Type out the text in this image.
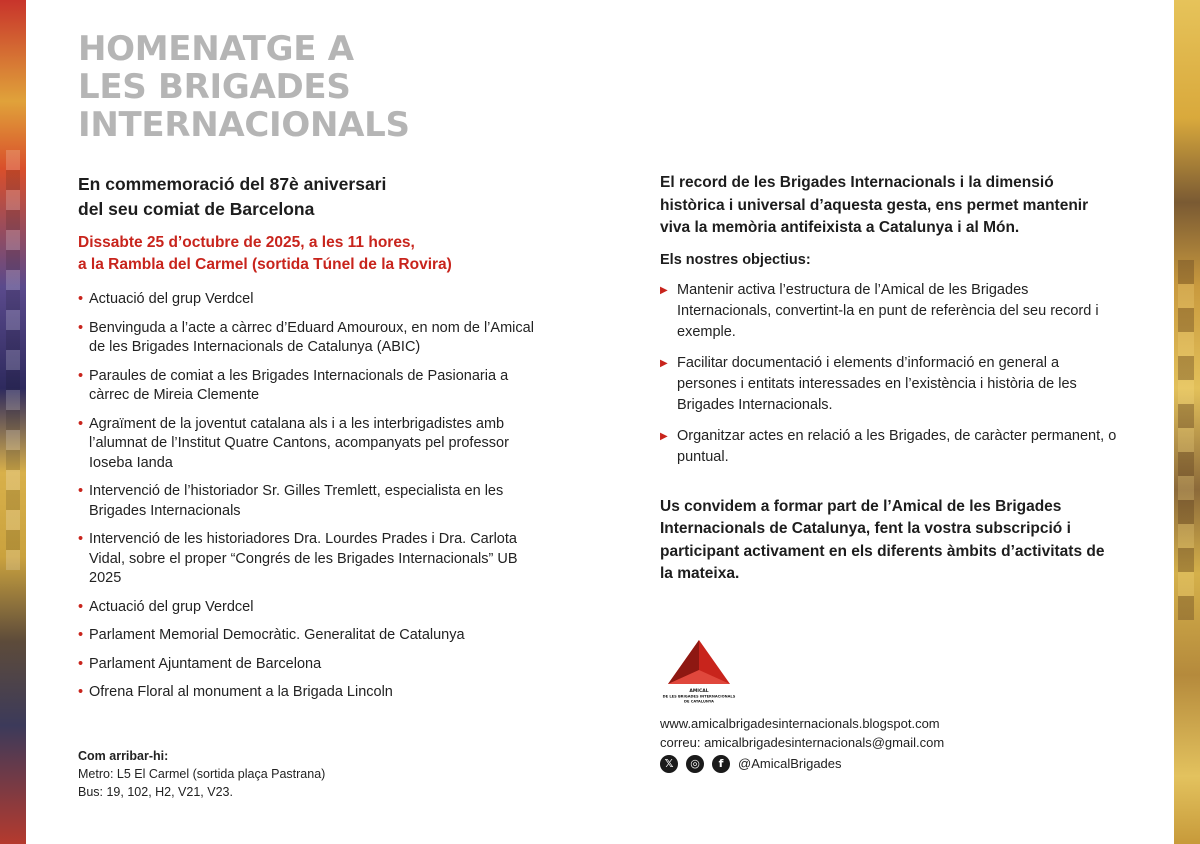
HOMENATGE A
LES BRIGADES
INTERNACIONALS
En commemoració del 87è aniversari
del seu comiat de Barcelona
Dissabte 25 d’octubre de 2025, a les 11 hores,
a la Rambla del Carmel (sortida Túnel de la Rovira)
• Actuació del grup Verdcel
• Benvinguda a l’acte a càrrec d’Eduard Amouroux, en nom de l’Amical de les Brigades Internacionals de Catalunya (ABIC)
• Paraules de comiat a les Brigades Internacionals de Pasionaria a càrrec de Mireia Clemente
• Agraïment de la joventut catalana als i a les interbrigadistes amb l’alumnat de l’Institut Quatre Cantons, acompanyats pel professor Ioseba Ianda
• Intervenció de l’historiador Sr. Gilles Tremlett, especialista en les Brigades Internacionals
• Intervenció de les historiadores Dra. Lourdes Prades i Dra. Carlota Vidal, sobre el proper “Congrés de les Brigades Internacionals” UB 2025
• Actuació del grup Verdcel
• Parlament Memorial Democràtic. Generalitat de Catalunya
• Parlament Ajuntament de Barcelona
• Ofrena Floral al monument a la Brigada Lincoln
Com arribar-hi:
Metro: L5 El Carmel (sortida plaça Pastrana)
Bus: 19, 102, H2, V21, V23.

El record de les Brigades Internacionals i la dimensió històrica i universal d’aquesta gesta, ens permet mantenir viva la memòria antifeixista a Catalunya i al Món.

Els nostres objectius:
▶ Mantenir activa l’estructura de l’Amical de les Brigades Internacionals, convertint-la en punt de referència del seu record i exemple.
▶ Facilitar documentació i elements d’informació en general a persones i entitats interessades en l’existència i història de les Brigades Internacionals.
▶ Organitzar actes en relació a les Brigades, de caràcter permanent, o puntual.
Us convidem a formar part de l’Amical de les Brigades Internacionals de Catalunya, fent la vostra subscripció i participant activament en els diferents àmbits d’activitats de la mateixa.
AMICAL
DE LES BRIGADES INTERNACIONALS
DE CATALUNYA
www.amicalbrigadesinternacionals.blogspot.com
correu: amicalbrigadesinternacionals@gmail.com
𝕏	◎	f	@AmicalBrigades
